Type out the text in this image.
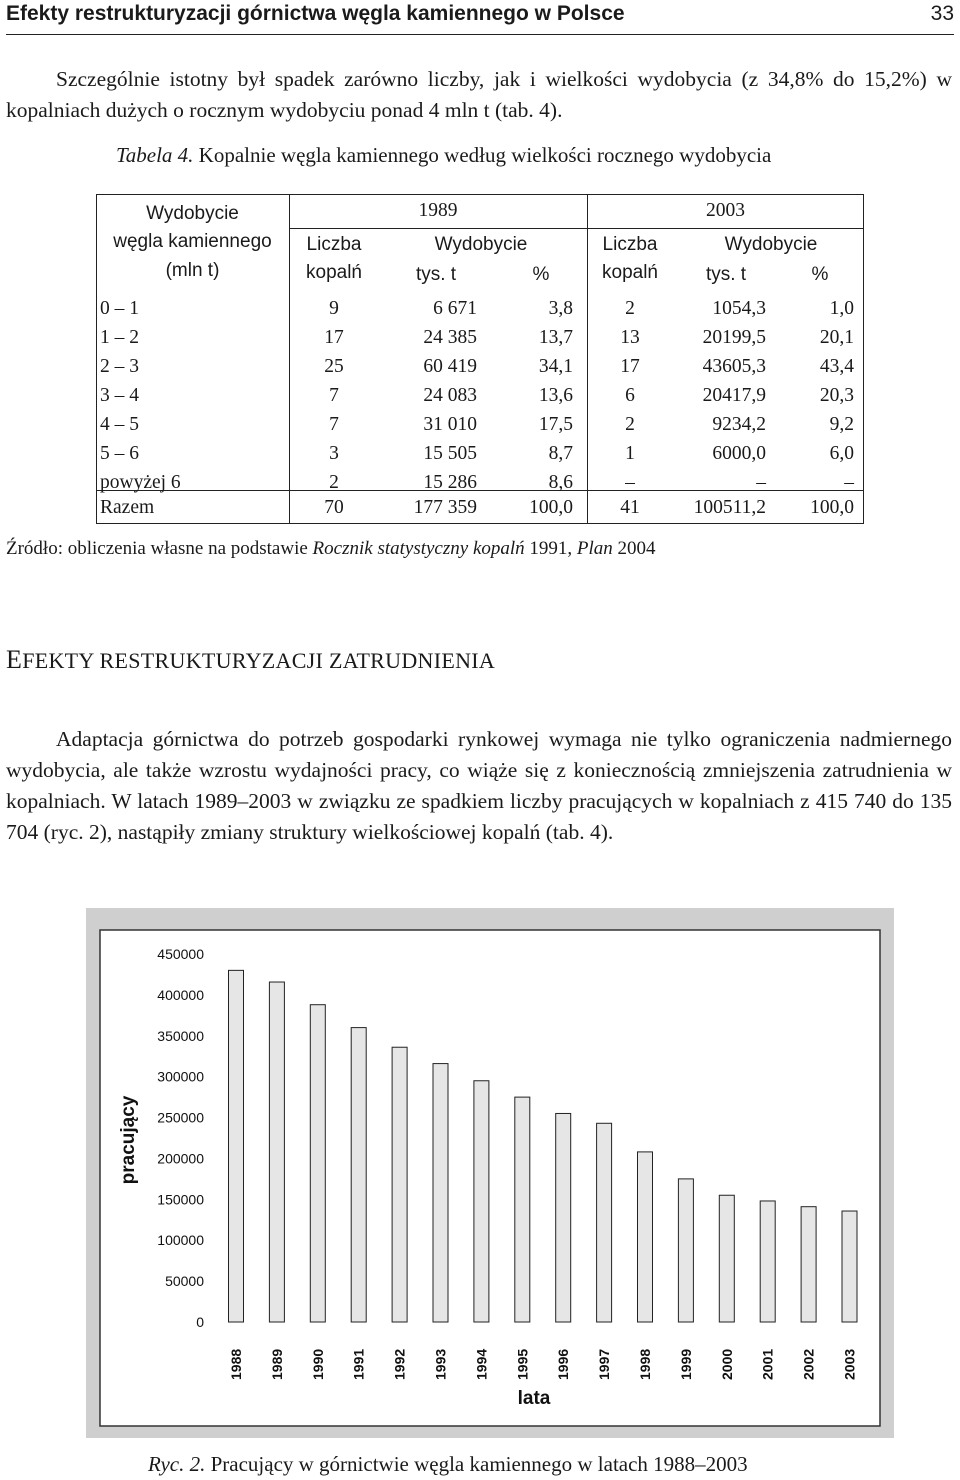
Efekty restrukturyzacji górnictwa węgla kamiennego w Polsce	33

Szczególnie istotny był spadek zarówno liczby, jak i wielkości wydobycia (z 34,8% do 15,2%) w kopalniach dużych o rocznym wydobyciu ponad 4 mln t (tab. 4).

Tabela 4. Kopalnie węgla kamiennego według wielkości rocznego wydobycia
Wydobycie
węgla kamiennego
(mln t)
1989	2003
Liczba
kopalń
Wydobycie
tys. t	%
Liczba
kopalń
Wydobycie
tys. t	%
0 – 1	9	6 671	3,8	2	1054,3	1,0
1 – 2	17	24 385	13,7	13	20199,5	20,1
2 – 3	25	60 419	34,1	17	43605,3	43,4
3 – 4	7	24 083	13,6	6	20417,9	20,3
4 – 5	7	31 010	17,5	2	9234,2	9,2
5 – 6	3	15 505	8,7	1	6000,0	6,0
powyżej 6	2	15 286	8,6	–	–	–
Razem	70	177 359	100,0	41	100511,2	100,0
Źródło: obliczenia własne na podstawie Rocznik statystyczny kopalń 1991, Plan 2004
EFEKTY RESTRUKTURYZACJI ZATRUDNIENIA

Adaptacja górnictwa do potrzeb gospodarki rynkowej wymaga nie tylko ograniczenia nadmiernego wydobycia, ale także wzrostu wydajności pracy, co wiąże się z koniecznością zmniejszenia zatrudnienia w kopalniach. W latach 1989–2003 w związku ze spadkiem liczby pracujących w kopalniach z 415 740 do 135 704 (ryc. 2), nastąpiły zmiany struktury wielkościowej kopalń (tab. 4).

0
50000
100000
150000
200000
250000
300000
350000
400000
450000
1988 1989 1990 1991 1992 1993 1994 1995 1996 1997 1998 1999 2000 2001 2002 2003
pracujący
lata
Ryc. 2. Pracujący w górnictwie węgla kamiennego w latach 1988–2003
